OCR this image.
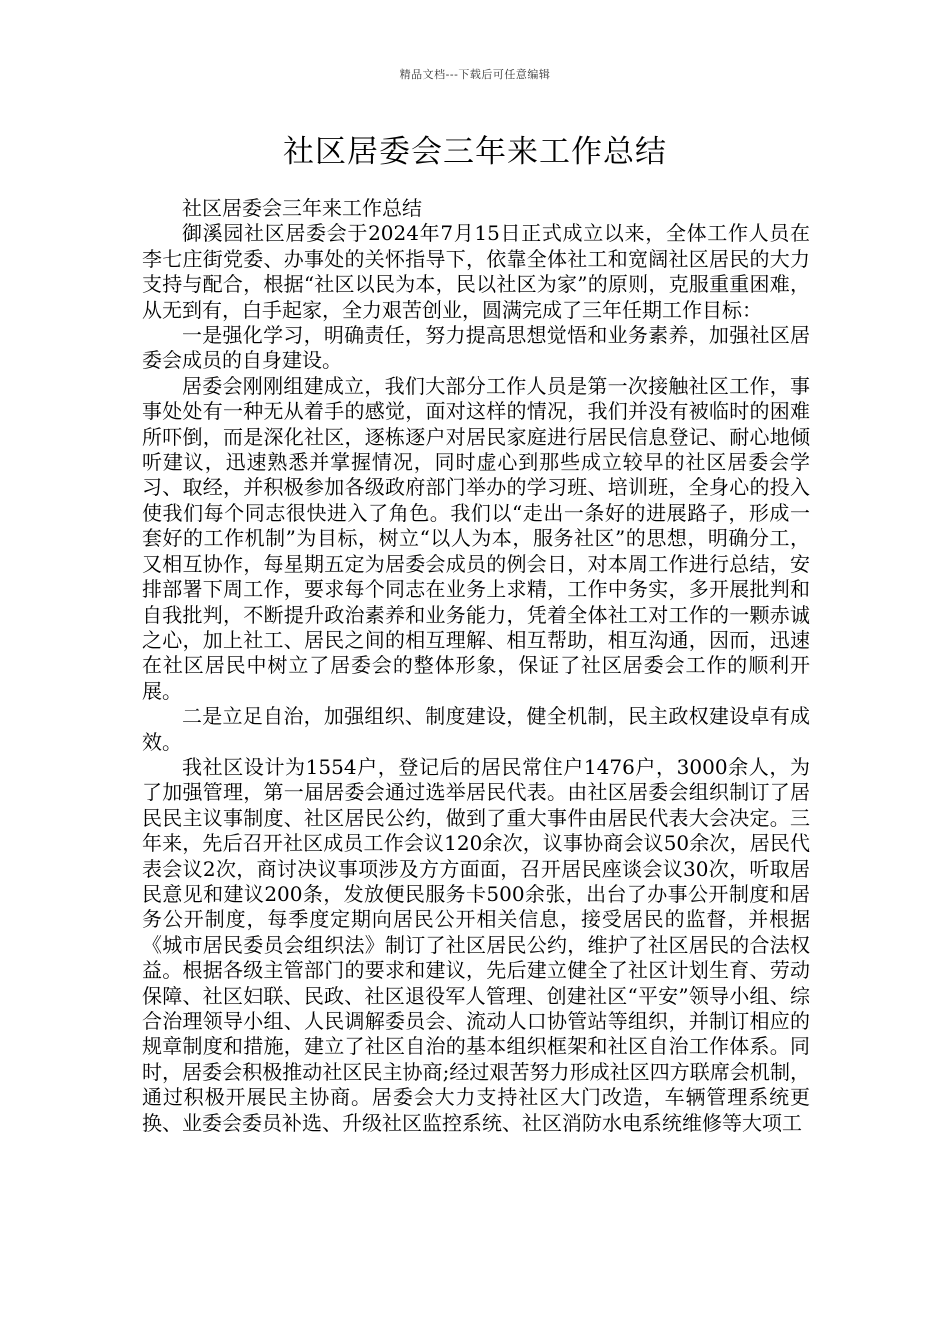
精品文档---下载后可任意编辑
社区居委会三年来工作总结

社区居委会三年来工作总结

御溪园社区居委会于2024年7月15日正式成立以来，全体工作人员在李七庄街党委、办事处的关怀指导下，依靠全体社工和宽阔社区居民的大力支持与配合，根据“社区以民为本，民以社区为家”的原则，克服重重困难，从无到有，白手起家，全力艰苦创业，圆满完成了三年任期工作目标：

一是强化学习，明确责任，努力提高思想觉悟和业务素养，加强社区居委会成员的自身建设。

居委会刚刚组建成立，我们大部分工作人员是第一次接触社区工作，事事处处有一种无从着手的感觉，面对这样的情况，我们并没有被临时的困难所吓倒，而是深化社区，逐栋逐户对居民家庭进行居民信息登记、耐心地倾听建议，迅速熟悉并掌握情况，同时虚心到那些成立较早的社区居委会学习、取经，并积极参加各级政府部门举办的学习班、培训班，全身心的投入使我们每个同志很快进入了角色。我们以“走出一条好的进展路子，形成一套好的工作机制”为目标，树立“以人为本，服务社区”的思想，明确分工，又相互协作，每星期五定为居委会成员的例会日，对本周工作进行总结，安排部署下周工作，要求每个同志在业务上求精，工作中务实，多开展批判和自我批判，不断提升政治素养和业务能力，凭着全体社工对工作的一颗赤诚之心，加上社工、居民之间的相互理解、相互帮助，相互沟通，因而，迅速在社区居民中树立了居委会的整体形象，保证了社区居委会工作的顺利开展。

二是立足自治，加强组织、制度建设，健全机制，民主政权建设卓有成效。

我社区设计为1554户，登记后的居民常住户1476户，3000余人，为了加强管理，第一届居委会通过选举居民代表。由社区居委会组织制订了居民民主议事制度、社区居民公约，做到了重大事件由居民代表大会决定。三年来，先后召开社区成员工作会议120余次，议事协商会议50余次，居民代表会议2次，商讨决议事项涉及方方面面，召开居民座谈会议30次，听取居民意见和建议200条，发放便民服务卡500余张，出台了办事公开制度和居务公开制度，每季度定期向居民公开相关信息，接受居民的监督，并根据《城市居民委员会组织法》制订了社区居民公约，维护了社区居民的合法权益。根据各级主管部门的要求和建议，先后建立健全了社区计划生育、劳动保障、社区妇联、民政、社区退役军人管理、创建社区“平安”领导小组、综合治理领导小组、人民调解委员会、流动人口协管站等组织，并制订相应的规章制度和措施，建立了社区自治的基本组织框架和社区自治工作体系。同时，居委会积极推动社区民主协商;经过艰苦努力形成社区四方联席会机制，通过积极开展民主协商。居委会大力支持社区大门改造，车辆管理系统更换、业委会委员补选、升级社区监控系统、社区消防水电系统维修等大项工
